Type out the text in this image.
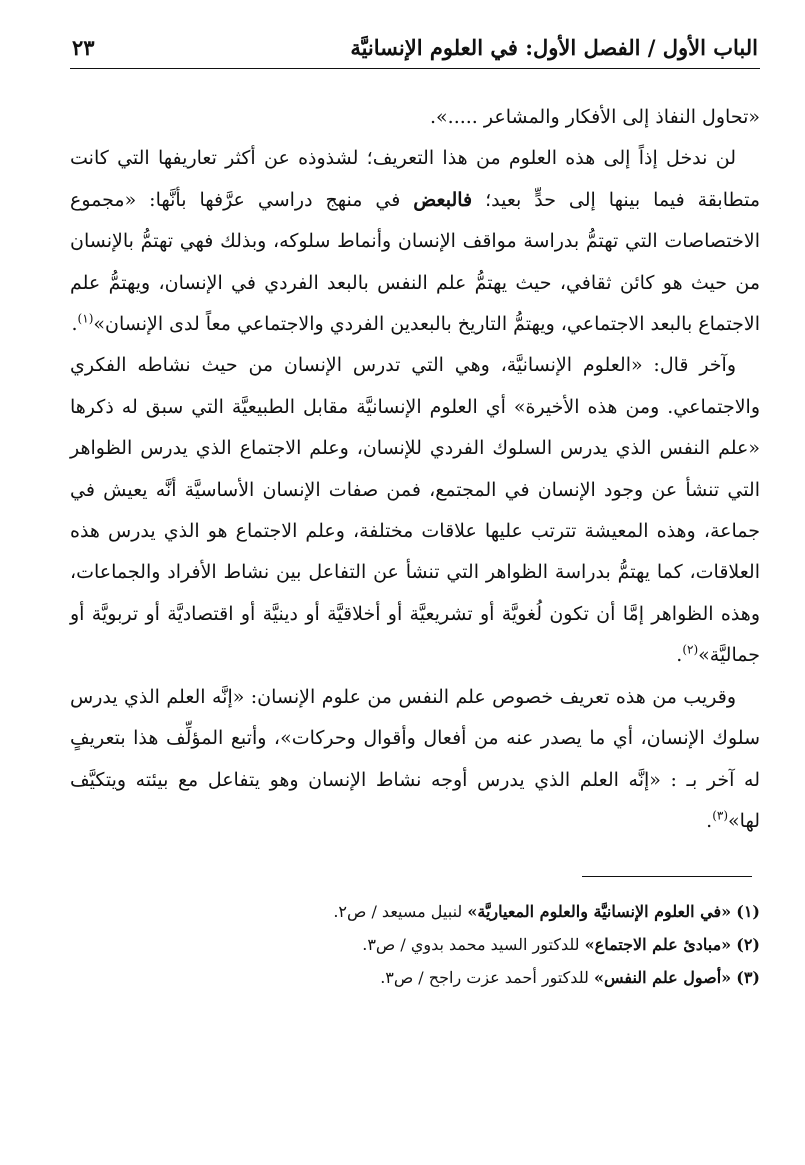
الباب الأول / الفصل الأول: في العلوم الإنسانيَّة
٢٣

«تحاول النفاذ إلى الأفكار والمشاعر .....».

لن ندخل إذاً إلى هذه العلوم من هذا التعريف؛ لشذوذه عن أكثر تعاريفها التي كانت متطابقة فيما بينها إلى حدٍّ بعيد؛ فالبعض في منهج دراسي عرَّفها بأنَّها: «مجموع الاختصاصات التي تهتمُّ بدراسة مواقف الإنسان وأنماط سلوكه، وبذلك فهي تهتمُّ بالإنسان من حيث هو كائن ثقافي، حيث يهتمُّ علم النفس بالبعد الفردي في الإنسان، ويهتمُّ علم الاجتماع بالبعد الاجتماعي، ويهتمُّ التاريخ بالبعدين الفردي والاجتماعي معاً لدى الإنسان»$^{(١)}$.

وآخر قال: «العلوم الإنسانيَّة، وهي التي تدرس الإنسان من حيث نشاطه الفكري والاجتماعي. ومن هذه الأخيرة» أي العلوم الإنسانيَّة مقابل الطبيعيَّة التي سبق له ذكرها «علم النفس الذي يدرس السلوك الفردي للإنسان، وعلم الاجتماع الذي يدرس الظواهر التي تنشأ عن وجود الإنسان في المجتمع، فمن صفات الإنسان الأساسيَّة أنَّه يعيش في جماعة، وهذه المعيشة تترتب عليها علاقات مختلفة، وعلم الاجتماع هو الذي يدرس هذه العلاقات، كما يهتمُّ بدراسة الظواهر التي تنشأ عن التفاعل بين نشاط الأفراد والجماعات، وهذه الظواهر إمَّا أن تكون لُغويَّة أو تشريعيَّة أو أخلاقيَّة أو دينيَّة أو اقتصاديَّة أو تربويَّة أو جماليَّة»$^{(٢)}$.

وقريب من هذه تعريف خصوص علم النفس من علوم الإنسان: «إنَّه العلم الذي يدرس سلوك الإنسان، أي ما يصدر عنه من أفعال وأقوال وحركات»، وأتبع المؤلِّف هذا بتعريفٍ له آخر بـ : «إنَّه العلم الذي يدرس أوجه نشاط الإنسان وهو يتفاعل مع بيئته ويتكيَّف لها»$^{(٣)}$.

(١) «في العلوم الإنسانيَّة والعلوم المعياريَّة» لنبيل مسيعد / ص٢.

(٢) «مبادئ علم الاجتماع» للدكتور السيد محمد بدوي / ص٣.

(٣) «أصول علم النفس» للدكتور أحمد عزت راجح / ص٣.
